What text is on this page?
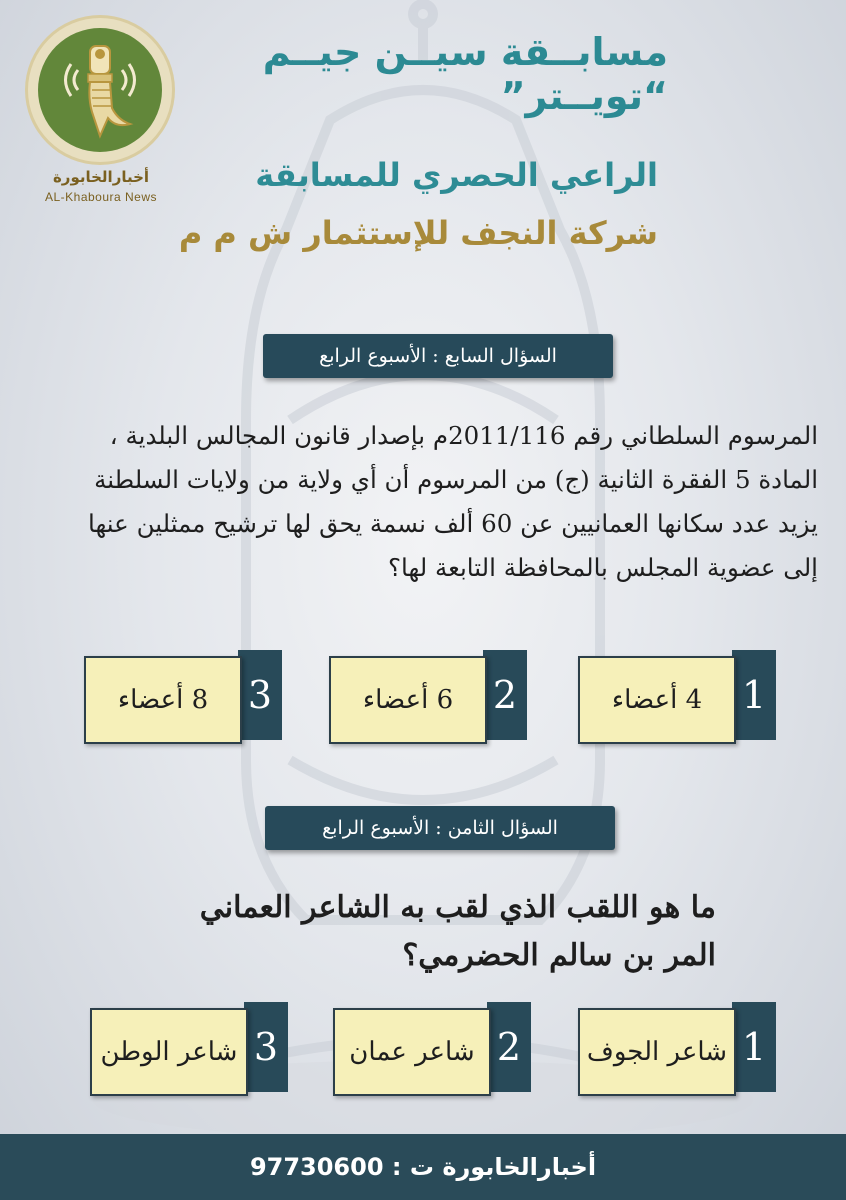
أخبارالخابورة
AL-Khaboura News
مسابــقة سيــن جيــم “تويــتر”
الراعي الحصري للمسابقة
شركة النجف للإستثمار ش م م
السؤال السابع : الأسبوع الرابع
المرسوم السلطاني رقم 2011/116م بإصدار قانون المجالس البلدية ،
المادة 5 الفقرة الثانية (ج) من المرسوم أن أي ولاية من ولايات السلطنة
يزيد عدد سكانها العمانيين عن 60 ألف نسمة يحق لها ترشيح ممثلين عنها
إلى عضوية المجلس بالمحافظة التابعة لها؟
1
4 أعضاء
2
6 أعضاء
3
8 أعضاء
السؤال الثامن : الأسبوع الرابع
ما هو اللقب الذي لقب به الشاعر العماني
المر بن سالم الحضرمي؟
1
شاعر الجوف
2
شاعر عمان
3
شاعر الوطن
أخبارالخابورة ت : 97730600
